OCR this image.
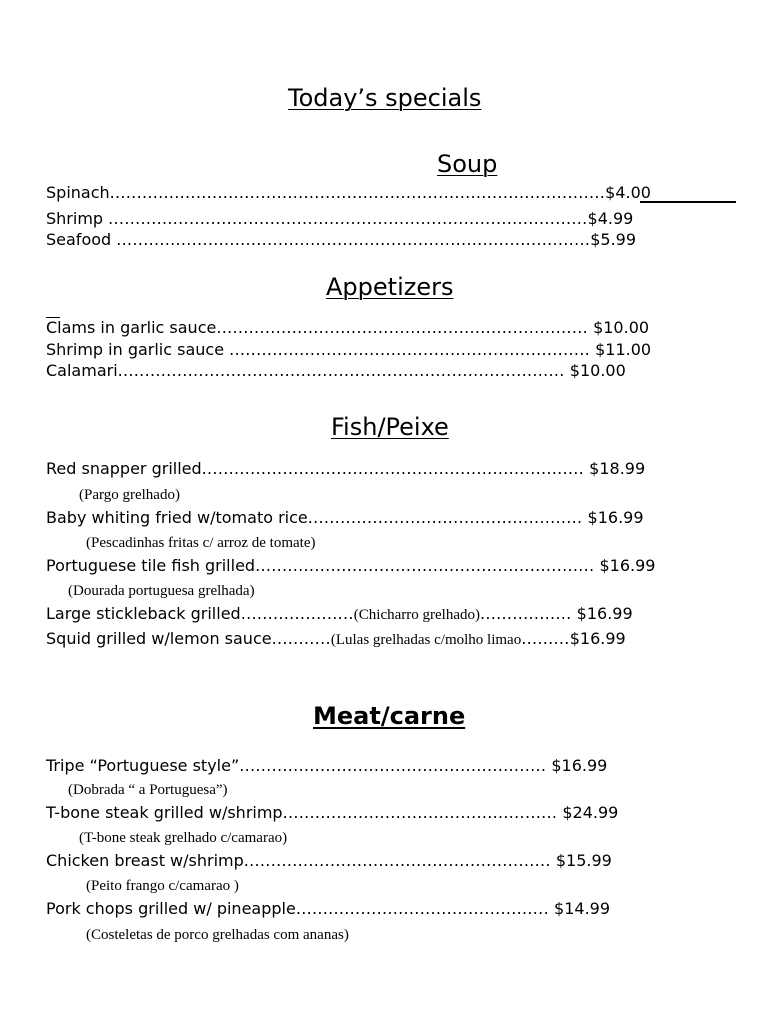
Today’s specials
Soup
Spinach............................................................................................$4.00
Shrimp .........................................................................................$4.99
Seafood ........................................................................................$5.99
Appetizers
Clams in garlic sauce..................................................................... $10.00
Shrimp in garlic sauce ................................................................... $11.00
Calamari................................................................................... $10.00
Fish/Peixe
Red snapper grilled....................................................................... $18.99
(Pargo grelhado)
Baby whiting fried w/tomato rice................................................... $16.99
(Pescadinhas fritas c/ arroz de tomate)
Portuguese tile fish grilled............................................................... $16.99
(Dourada portuguesa grelhada)
Large stickleback grilled.....................(Chicharro grelhado)................. $16.99
Squid grilled w/lemon sauce...........(Lulas grelhadas c/molho limao.........$16.99
Meat/carne
Tripe “Portuguese style”......................................................... $16.99
(Dobrada “ a Portuguesa”)
T-bone steak grilled w/shrimp................................................... $24.99
(T-bone steak grelhado c/camarao)
Chicken breast w/shrimp......................................................... $15.99
(Peito frango c/camarao )
Pork chops grilled w/ pineapple............................................... $14.99
(Costeletas de porco grelhadas com ananas)
